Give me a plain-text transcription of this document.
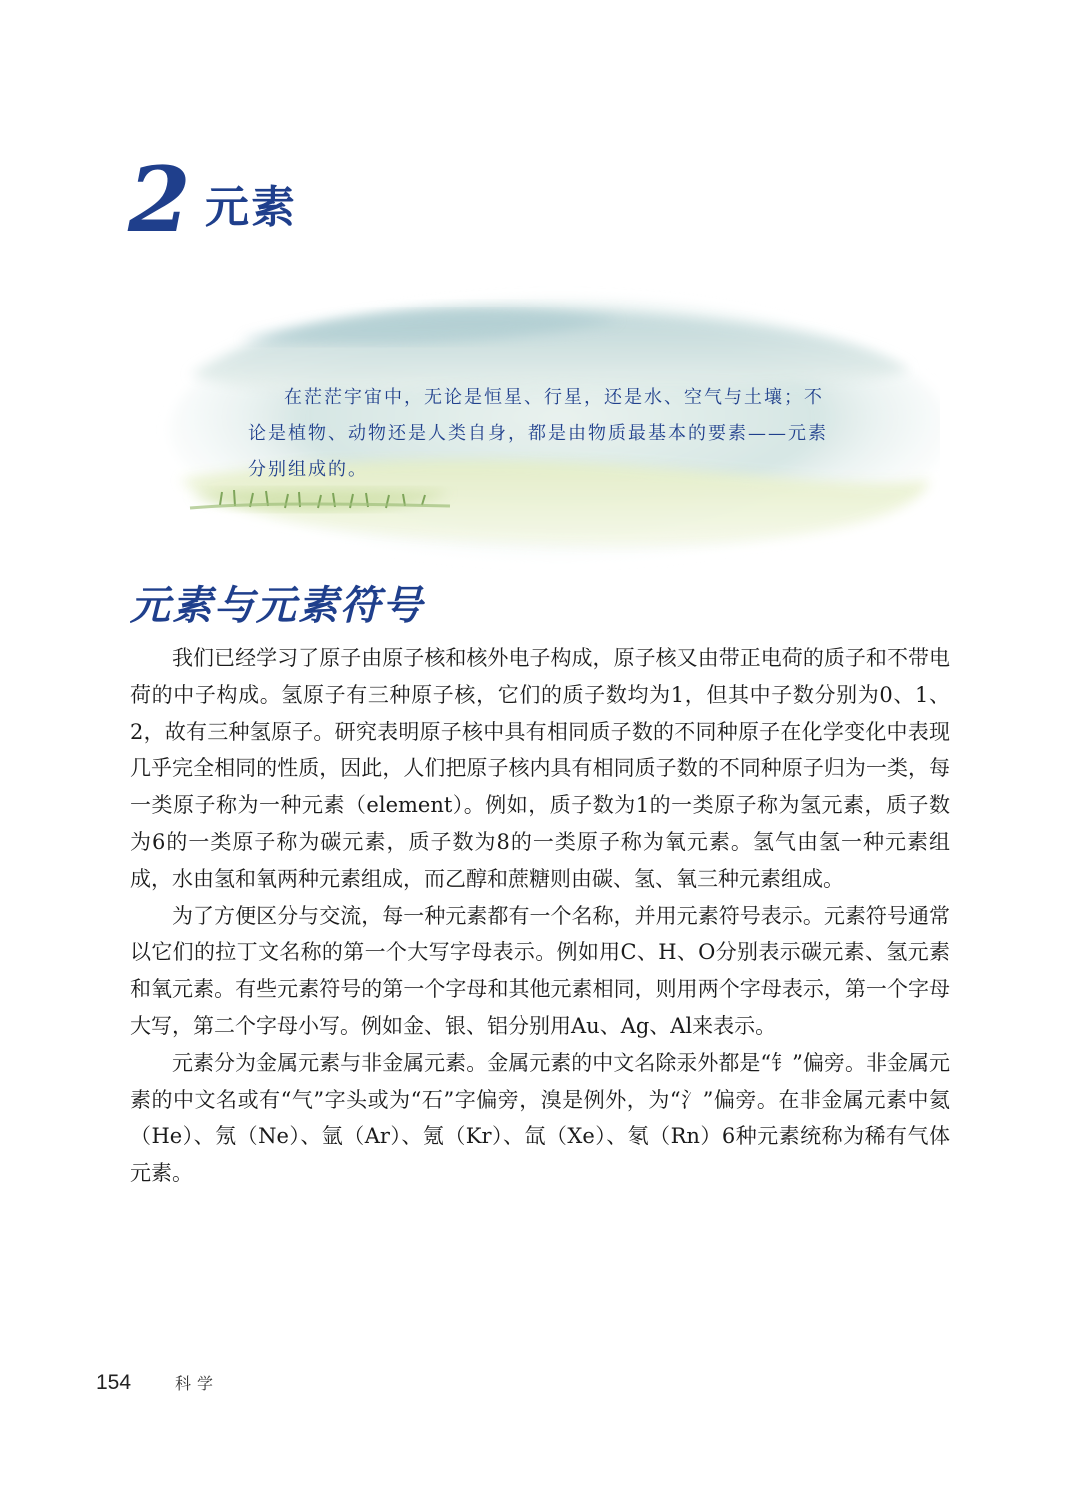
2 元素

在茫茫宇宙中，无论是恒星、行星，还是水、空气与土壤；不论是植物、动物还是人类自身，都是由物质最基本的要素——元素分别组成的。

元素与元素符号

我们已经学习了原子由原子核和核外电子构成，原子核又由带正电荷的质子和不带电荷的中子构成。氢原子有三种原子核，它们的质子数均为1，但其中子数分别为0、1、2，故有三种氢原子。研究表明原子核中具有相同质子数的不同种原子在化学变化中表现几乎完全相同的性质，因此，人们把原子核内具有相同质子数的不同种原子归为一类，每一类原子称为一种元素（element）。例如，质子数为1的一类原子称为氢元素，质子数为6的一类原子称为碳元素，质子数为8的一类原子称为氧元素。氢气由氢一种元素组成，水由氢和氧两种元素组成，而乙醇和蔗糖则由碳、氢、氧三种元素组成。

为了方便区分与交流，每一种元素都有一个名称，并用元素符号表示。元素符号通常以它们的拉丁文名称的第一个大写字母表示。例如用C、H、O分别表示碳元素、氢元素和氧元素。有些元素符号的第一个字母和其他元素相同，则用两个字母表示，第一个字母大写，第二个字母小写。例如金、银、铝分别用Au、Ag、Al来表示。

元素分为金属元素与非金属元素。金属元素的中文名除汞外都是“钅”偏旁。非金属元素的中文名或有“气”字头或为“石”字偏旁，溴是例外，为“氵”偏旁。在非金属元素中氦（He）、氖（Ne）、氩（Ar）、氪（Kr）、氙（Xe）、氡（Rn）6种元素统称为稀有气体元素。

154	科学
